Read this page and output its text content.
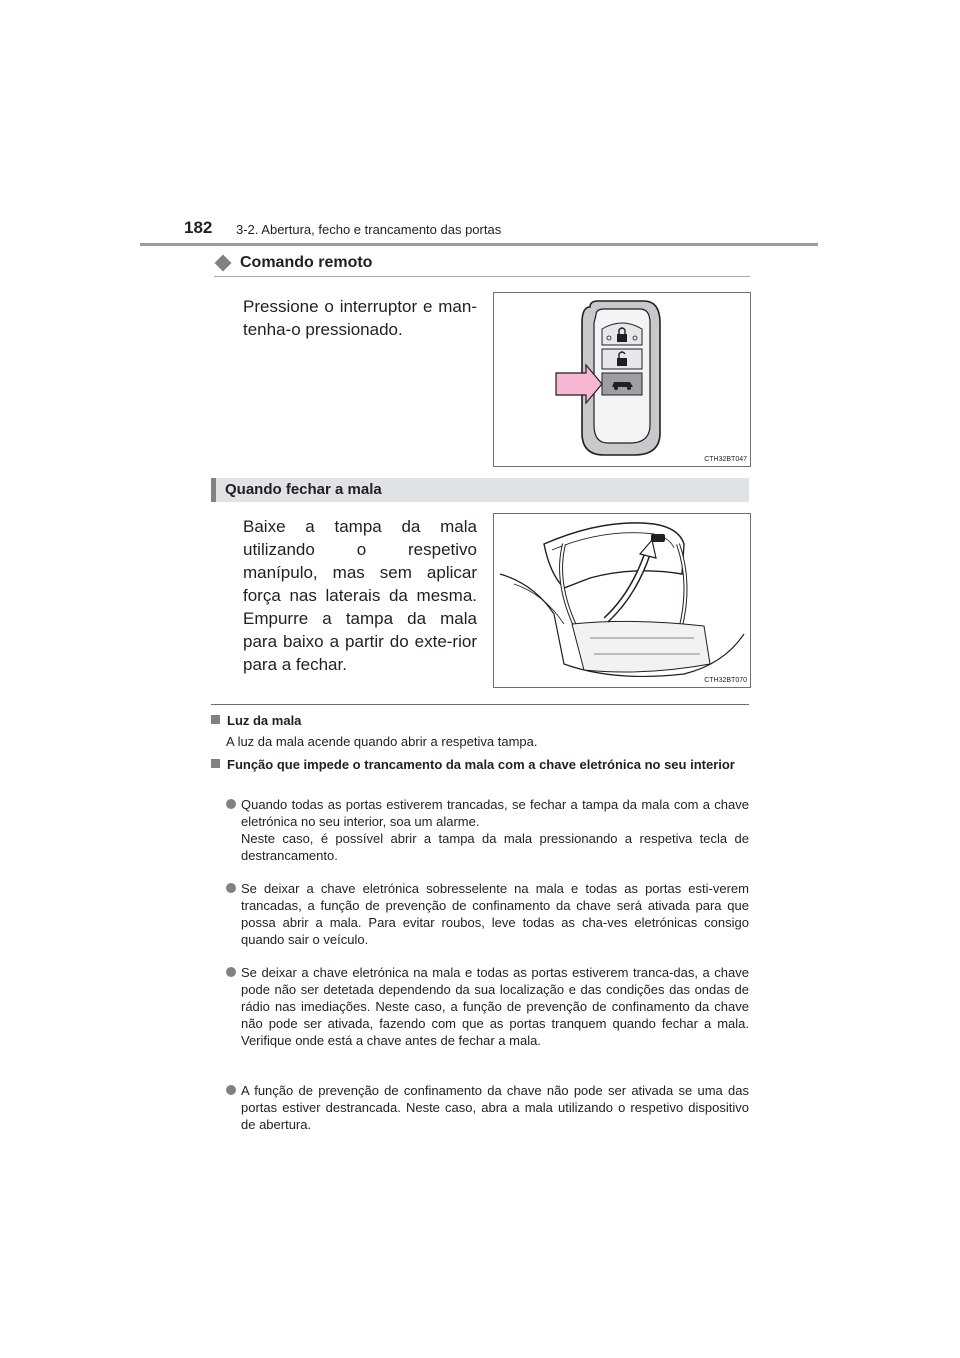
182 3-2. Abertura, fecho e trancamento das portas
Comando remoto
Pressione o interruptor e man-tenha-o pressionado.
CTH32BT047
Quando fechar a mala
Baixe a tampa da mala utilizando o respetivo manípulo, mas sem aplicar força nas laterais da mesma. Empurre a tampa da mala para baixo a partir do exte-rior para a fechar.
CTH32BT070
Luz da mala
A luz da mala acende quando abrir a respetiva tampa.
Função que impede o trancamento da mala com a chave eletrónica no seu interior
Quando todas as portas estiverem trancadas, se fechar a tampa da mala com a chave eletrónica no seu interior, soa um alarme.
Neste caso, é possível abrir a tampa da mala pressionando a respetiva tecla de destrancamento.
Se deixar a chave eletrónica sobresselente na mala e todas as portas esti-verem trancadas, a função de prevenção de confinamento da chave será ativada para que possa abrir a mala. Para evitar roubos, leve todas as cha-ves eletrónicas consigo quando sair o veículo.
Se deixar a chave eletrónica na mala e todas as portas estiverem tranca-das, a chave pode não ser detetada dependendo da sua localização e das condições das ondas de rádio nas imediações. Neste caso, a função de prevenção de confinamento da chave não pode ser ativada, fazendo com que as portas tranquem quando fechar a mala. Verifique onde está a chave antes de fechar a mala.
A função de prevenção de confinamento da chave não pode ser ativada se uma das portas estiver destrancada. Neste caso, abra a mala utilizando o respetivo dispositivo de abertura.
